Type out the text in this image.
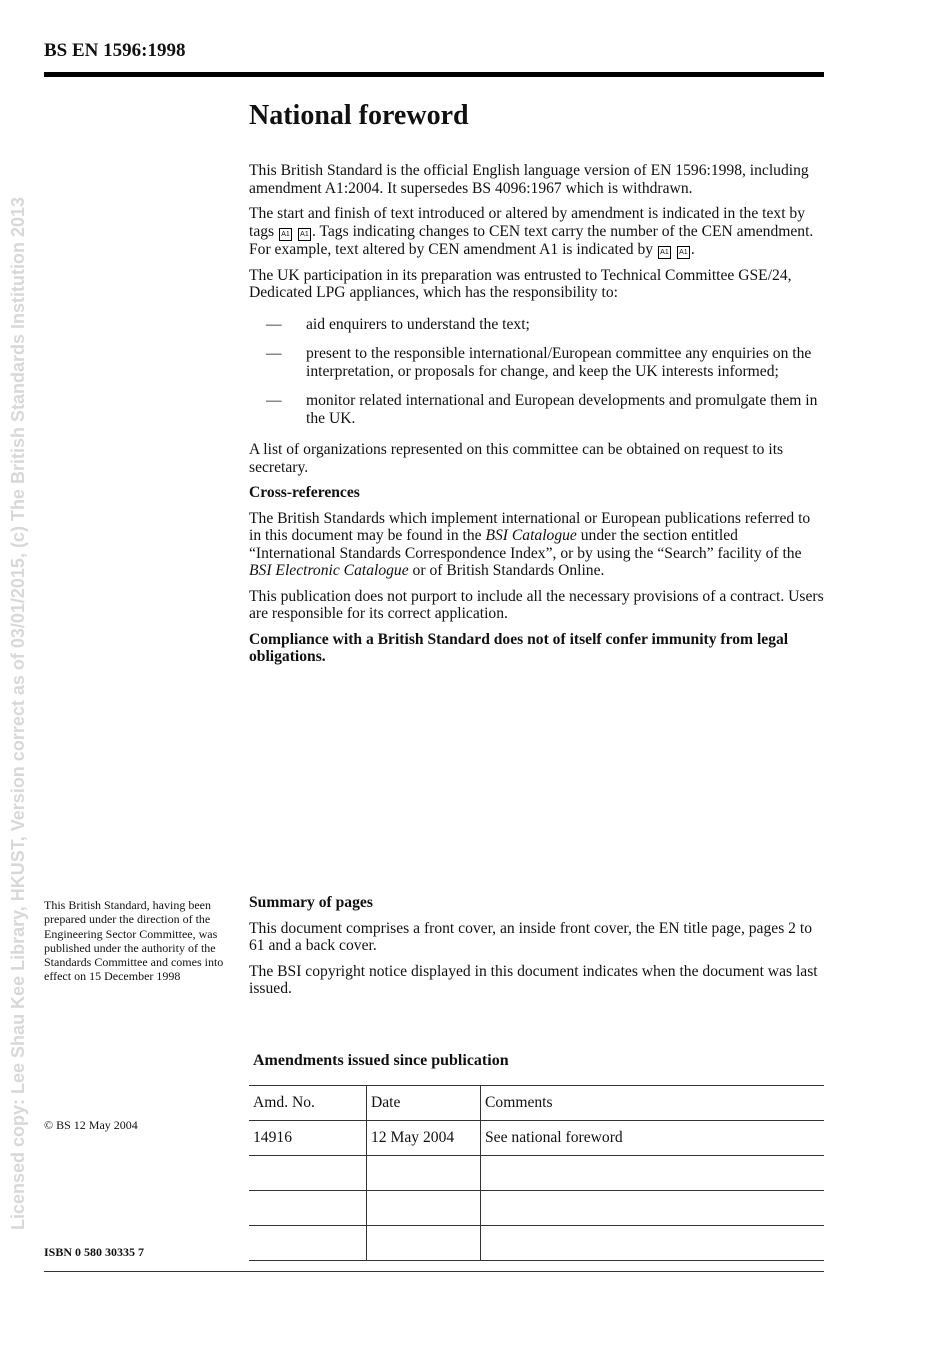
BS EN 1596:1998
Licensed copy: Lee Shau Kee Library, HKUST, Version correct as of 03/01/2015, (c) The British Standards Institution 2013
National foreword

This British Standard is the official English language version of EN 1596:1998, including amendment A1:2004. It supersedes BS 4096:1967 which is withdrawn.

The start and finish of text introduced or altered by amendment is indicated in the text by tags A1 A1 . Tags indicating changes to CEN text carry the number of the CEN amendment. For example, text altered by CEN amendment A1 is indicated by A1 A1 .

The UK participation in its preparation was entrusted to Technical Committee GSE/24, Dedicated LPG appliances, which has the responsibility to:

—	aid enquirers to understand the text;
—	present to the responsible international/European committee any enquiries on the interpretation, or proposals for change, and keep the UK interests informed;
—	monitor related international and European developments and promulgate them in the UK.

A list of organizations represented on this committee can be obtained on request to its secretary.

Cross-references

The British Standards which implement international or European publications referred to in this document may be found in the BSI Catalogue under the section entitled “International Standards Correspondence Index”, or by using the “Search” facility of the BSI Electronic Catalogue or of British Standards Online.

This publication does not purport to include all the necessary provisions of a contract. Users are responsible for its correct application.

Compliance with a British Standard does not of itself confer immunity from legal obligations.

This British Standard, having been prepared under the direction of the Engineering Sector Committee, was published under the authority of the Standards Committee and comes into effect on 15 December 1998

Summary of pages

This document comprises a front cover, an inside front cover, the EN title page, pages 2 to 61 and a back cover.

The BSI copyright notice displayed in this document indicates when the document was last issued.

© BS 12 May 2004
ISBN 0 580 30335 7
Amendments issued since publication
Amd. No.	Date	Comments
14916	12 May 2004	See national foreword
